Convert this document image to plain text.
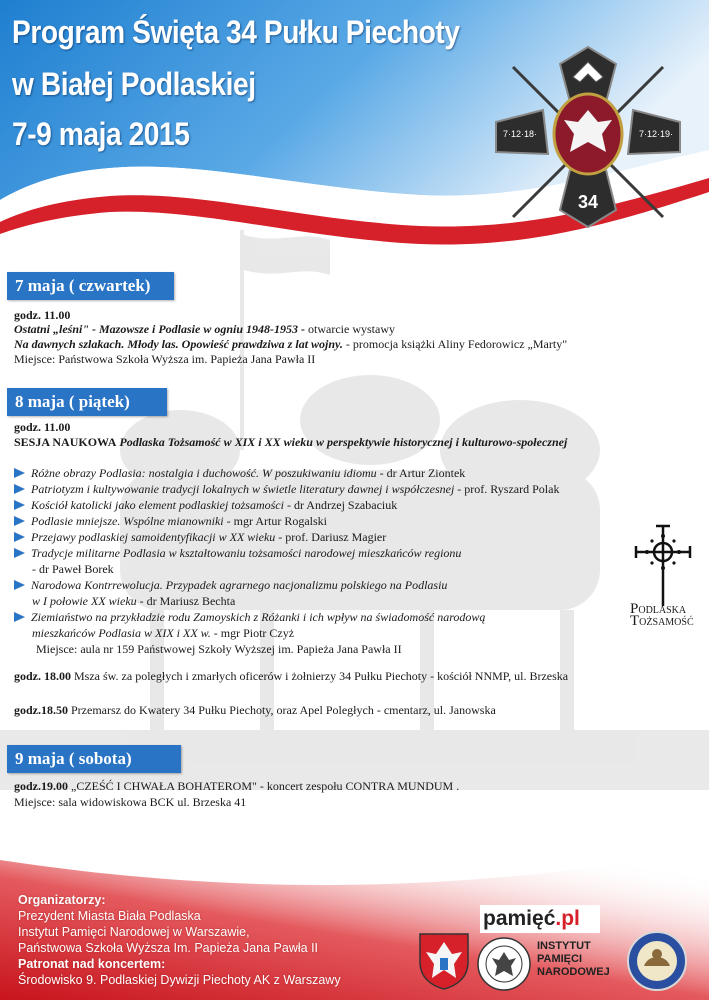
Program Święta 34 Pułku Piechoty
w Białej Podlaskiej
7-9 maja 2015	7·12·18·	7·12·19·
34
7 maja ( czwartek)
godz. 11.00
Ostatni „leśni" - Mazowsze i Podlasie w ogniu 1948-1953 - otwarcie wystawy
Na dawnych szlakach. Młody las. Opowieść prawdziwa z lat wojny. - promocja książki Aliny Fedorowicz „Marty"
Miejsce: Państwowa Szkoła Wyższa im. Papieża Jana Pawła II
8 maja ( piątek)
godz. 11.00
SESJA NAUKOWA Podlaska Tożsamość w XIX i XX wieku w perspektywie historycznej i kulturowo-społecznej
Różne obrazy Podlasia: nostalgia i duchowość. W poszukiwaniu idiomu - dr Artur Ziontek
Patriotyzm i kultywowanie tradycji lokalnych w świetle literatury dawnej i współczesnej - prof. Ryszard Polak
Kościół katolicki jako element podlaskiej tożsamości - dr Andrzej Szabaciuk
Podlasie mniejsze. Wspólne mianowniki - mgr Artur Rogalski
Przejawy podlaskiej samoidentyfikacji w XX wieku - prof. Dariusz Magier
Tradycje militarne Podlasia w kształtowaniu tożsamości narodowej mieszkańców regionu
- dr Paweł Borek
Narodowa Kontrrewolucja. Przypadek agrarnego nacjonalizmu polskiego na Podlasiu
w I połowie XX wieku - dr Mariusz Bechta
Ziemiaństwo na przykładzie rodu Zamoyskich z Różanki i ich wpływ na świadomość narodową
mieszkańców Podlasia w XIX i XX w. - mgr Piotr Czyż
Miejsce: aula nr 159 Państwowej Szkoły Wyższej im. Papieża Jana Pawła II
PODLASKA
TOŻSAMOŚĆ
godz. 18.00 Msza św. za poległych i zmarłych oficerów i żołnierzy 34 Pułku Piechoty - kościół NNMP, ul. Brzeska
godz.18.50 Przemarsz do Kwatery 34 Pułku Piechoty, oraz Apel Poległych - cmentarz, ul. Janowska
9 maja ( sobota)
godz.19.00 „CZEŚĆ I CHWAŁA BOHATEROM" - koncert zespołu CONTRA MUNDUM .
Miejsce: sala widowiskowa BCK ul. Brzeska 41
Organizatorzy:
Prezydent Miasta Biała Podlaska
Instytut Pamięci Narodowej w Warszawie,
Państwowa Szkoła Wyższa Im. Papieża Jana Pawła II
Patronat nad koncertem:
Środowisko 9. Podlaskiej Dywizji Piechoty AK z Warszawy
pamięć.pl
INSTYTUT
PAMIĘCI
NARODOWEJ
